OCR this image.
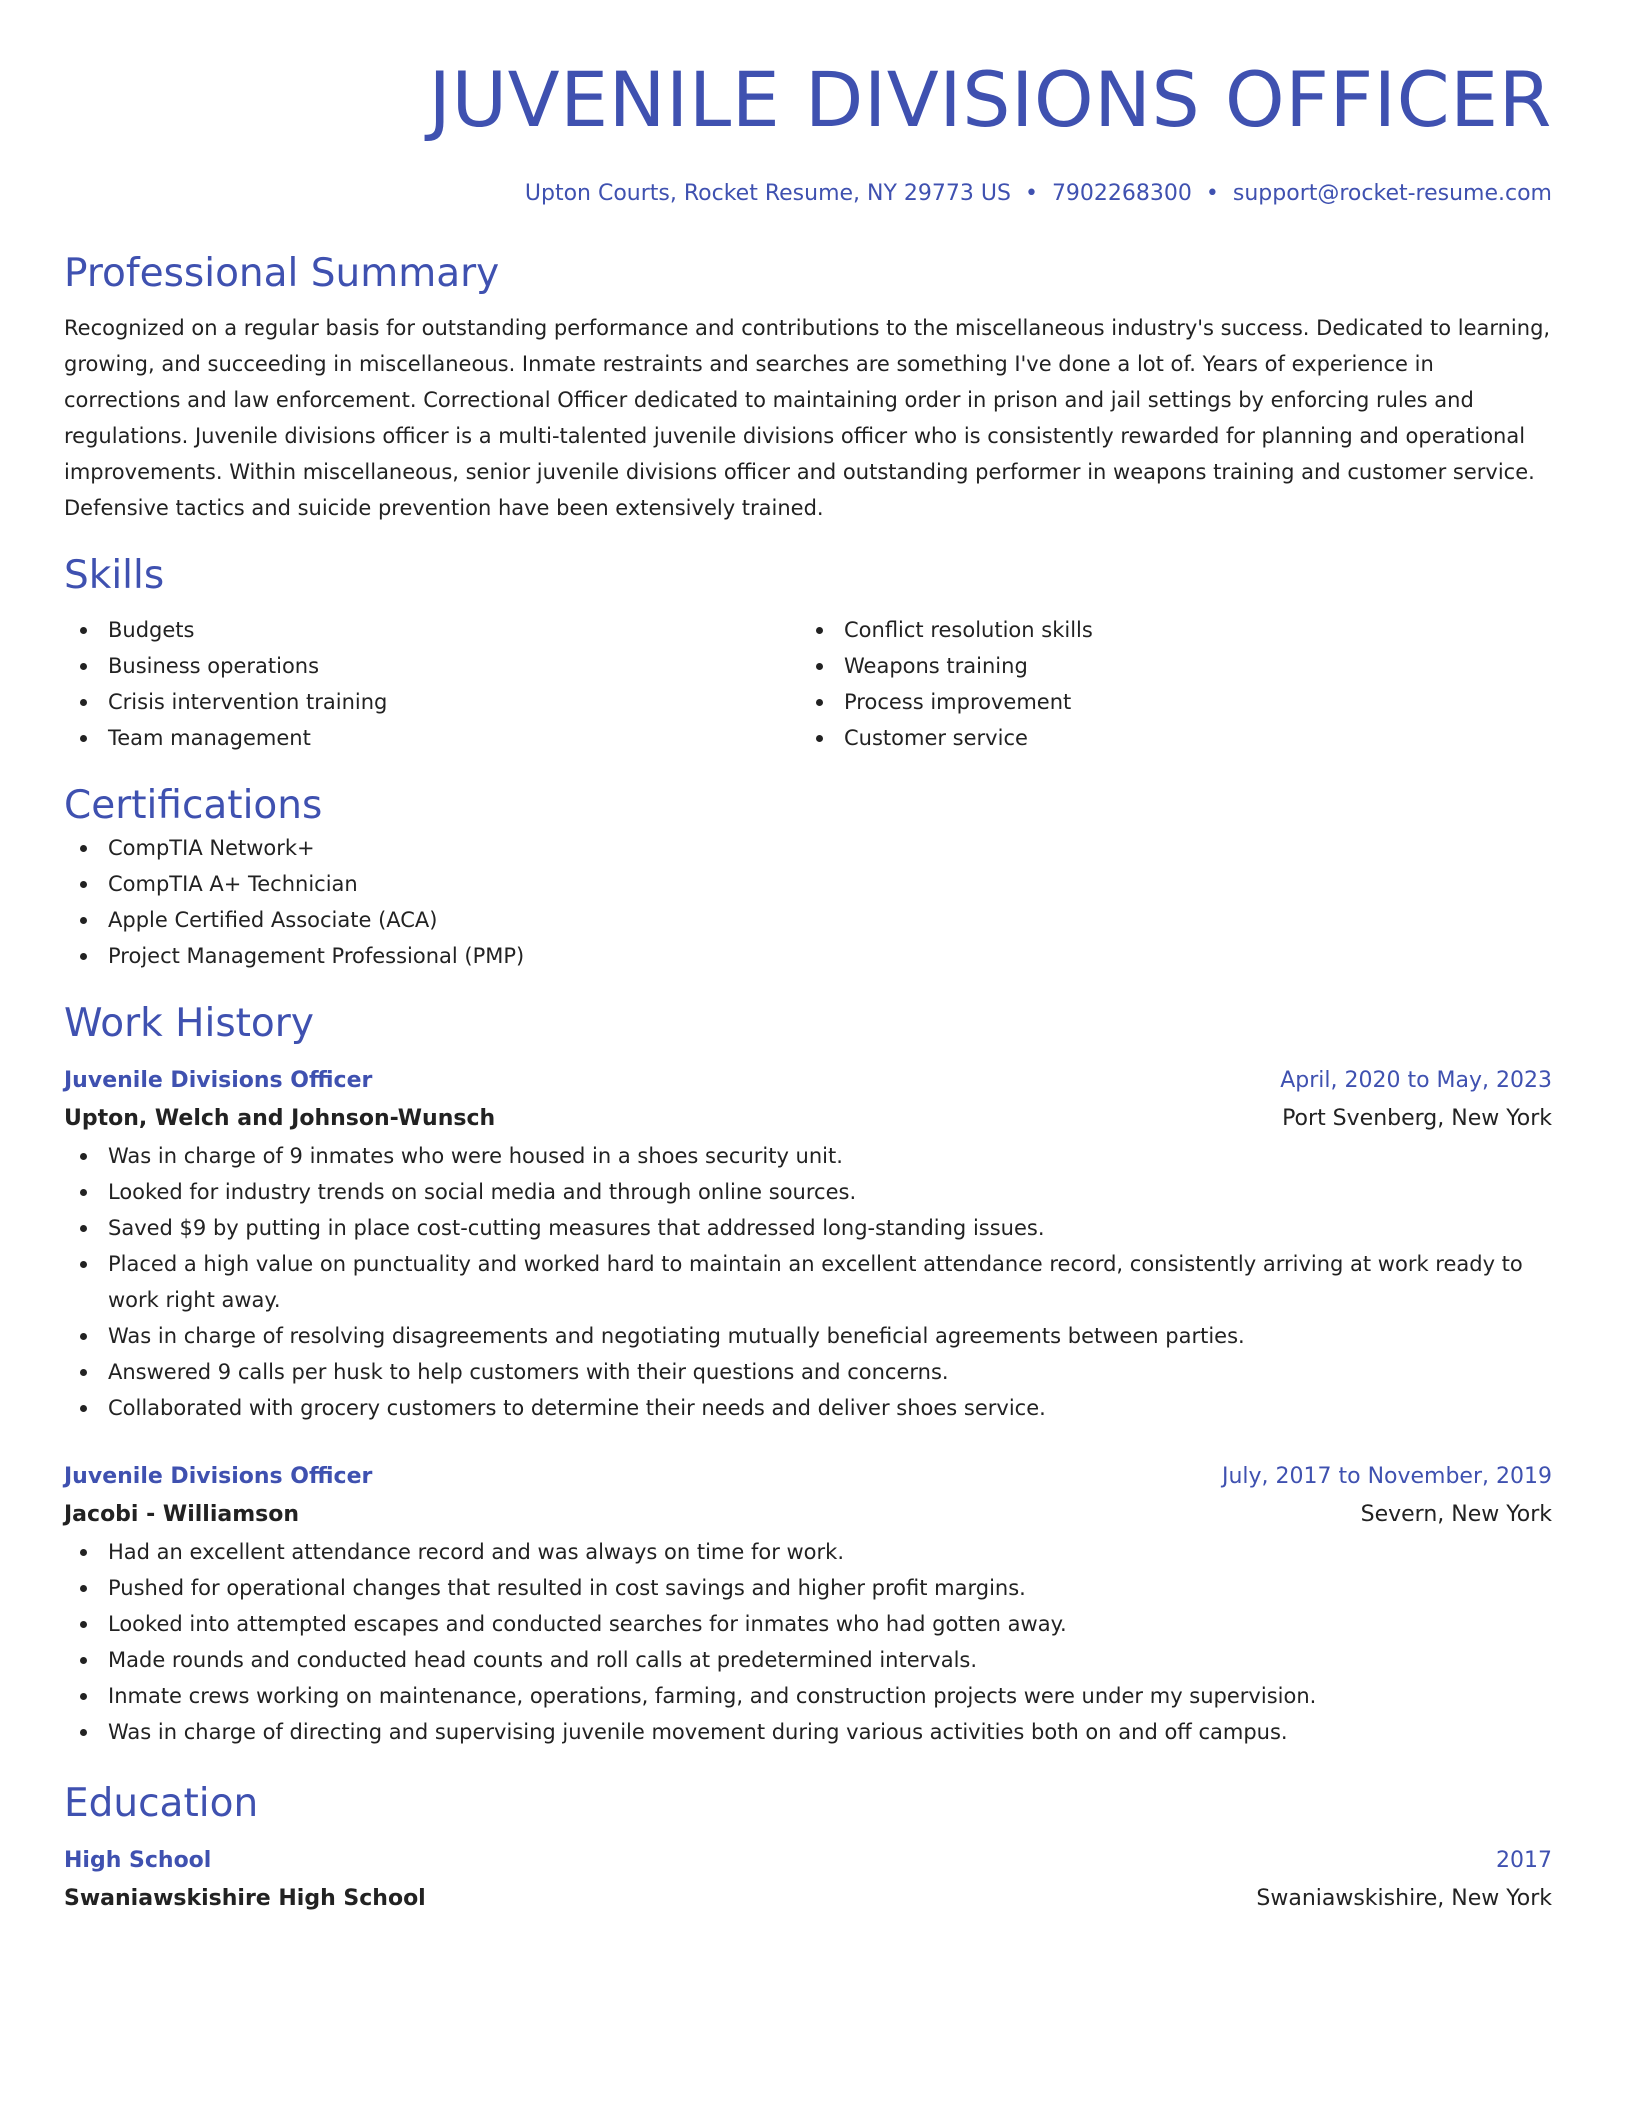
JUVENILE DIVISIONS OFFICER
Upton Courts, Rocket Resume, NY 29773 US • 7902268300 • support@rocket-resume.com
Professional Summary
Recognized on a regular basis for outstanding performance and contributions to the miscellaneous industry's success. Dedicated to learning, growing, and succeeding in miscellaneous. Inmate restraints and searches are something I've done a lot of. Years of experience in corrections and law enforcement. Correctional Officer dedicated to maintaining order in prison and jail settings by enforcing rules and regulations. Juvenile divisions officer is a multi-talented juvenile divisions officer who is consistently rewarded for planning and operational improvements. Within miscellaneous, senior juvenile divisions officer and outstanding performer in weapons training and customer service. Defensive tactics and suicide prevention have been extensively trained.
Skills
Budgets
Business operations
Crisis intervention training
Team management
Conflict resolution skills
Weapons training
Process improvement
Customer service
Certifications
CompTIA Network+
CompTIA A+ Technician
Apple Certified Associate (ACA)
Project Management Professional (PMP)
Work History
Juvenile Divisions Officer	April, 2020 to May, 2023
Upton, Welch and Johnson-Wunsch	Port Svenberg, New York
Was in charge of 9 inmates who were housed in a shoes security unit.
Looked for industry trends on social media and through online sources.
Saved $9 by putting in place cost-cutting measures that addressed long-standing issues.
Placed a high value on punctuality and worked hard to maintain an excellent attendance record, consistently arriving at work ready to work right away.
Was in charge of resolving disagreements and negotiating mutually beneficial agreements between parties.
Answered 9 calls per husk to help customers with their questions and concerns.
Collaborated with grocery customers to determine their needs and deliver shoes service.
Juvenile Divisions Officer	July, 2017 to November, 2019
Jacobi - Williamson	Severn, New York
Had an excellent attendance record and was always on time for work.
Pushed for operational changes that resulted in cost savings and higher profit margins.
Looked into attempted escapes and conducted searches for inmates who had gotten away.
Made rounds and conducted head counts and roll calls at predetermined intervals.
Inmate crews working on maintenance, operations, farming, and construction projects were under my supervision.
Was in charge of directing and supervising juvenile movement during various activities both on and off campus.
Education
High School	2017
Swaniawskishire High School	Swaniawskishire, New York
